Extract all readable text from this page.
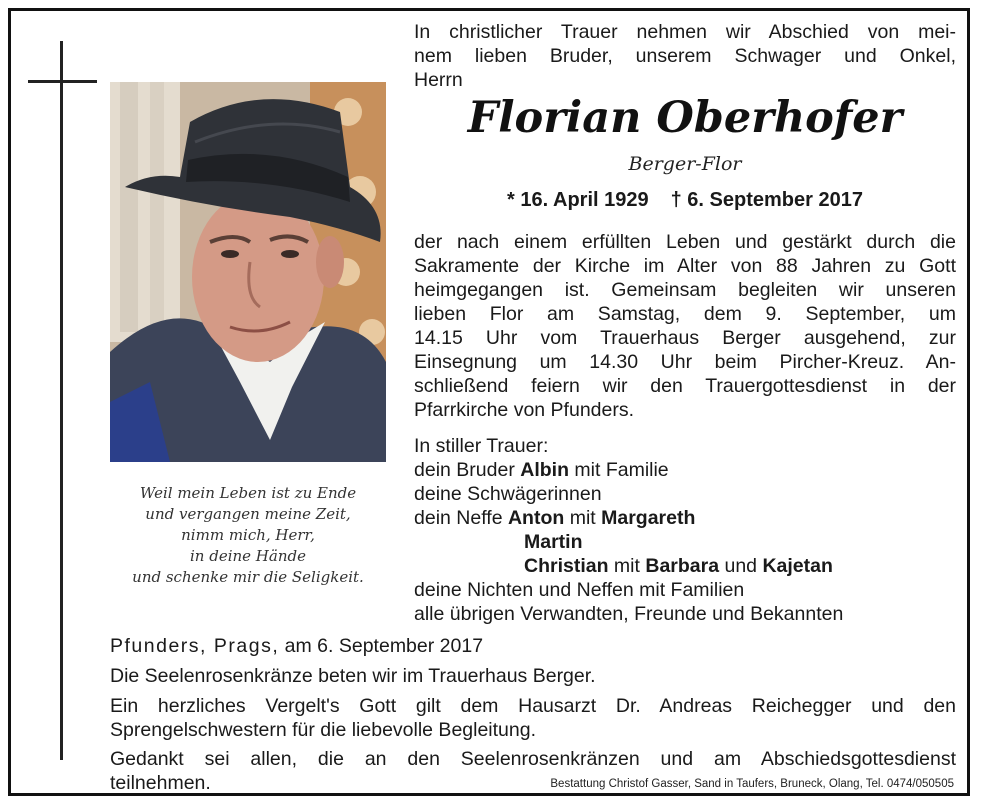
Weil mein Leben ist zu Ende
und vergangen meine Zeit,
nimm mich, Herr,
in deine Hände
und schenke mir die Seligkeit.
In christlicher Trauer nehmen wir Abschied von mei-
nem lieben Bruder, unserem Schwager und Onkel,
Herrn
Florian Oberhofer
Berger-Flor
* 16. April 1929 † 6. September 2017
der nach einem erfüllten Leben und gestärkt durch die
Sakramente der Kirche im Alter von 88 Jahren zu Gott
heimgegangen ist. Gemeinsam begleiten wir unseren
lieben Flor am Samstag, dem 9. September, um
14.15 Uhr vom Trauerhaus Berger ausgehend, zur
Einsegnung um 14.30 Uhr beim Pircher-Kreuz. An-
schließend feiern wir den Trauergottesdienst in der
Pfarrkirche von Pfunders.
In stiller Trauer:
dein Bruder Albin mit Familie
deine Schwägerinnen
dein Neffe Anton mit Margareth
Martin
Christian mit Barbara und Kajetan
deine Nichten und Neffen mit Familien
alle übrigen Verwandten, Freunde und Bekannten
Pfunders, Prags, am 6. September 2017
Die Seelenrosenkränze beten wir im Trauerhaus Berger.
Ein herzliches Vergelt's Gott gilt dem Hausarzt Dr. Andreas Reichegger und den
Sprengelschwestern für die liebevolle Begleitung.
Gedankt sei allen, die an den Seelenrosenkränzen und am Abschiedsgottesdienst
teilnehmen.	Bestattung Christof Gasser, Sand in Taufers, Bruneck, Olang, Tel. 0474/050505
